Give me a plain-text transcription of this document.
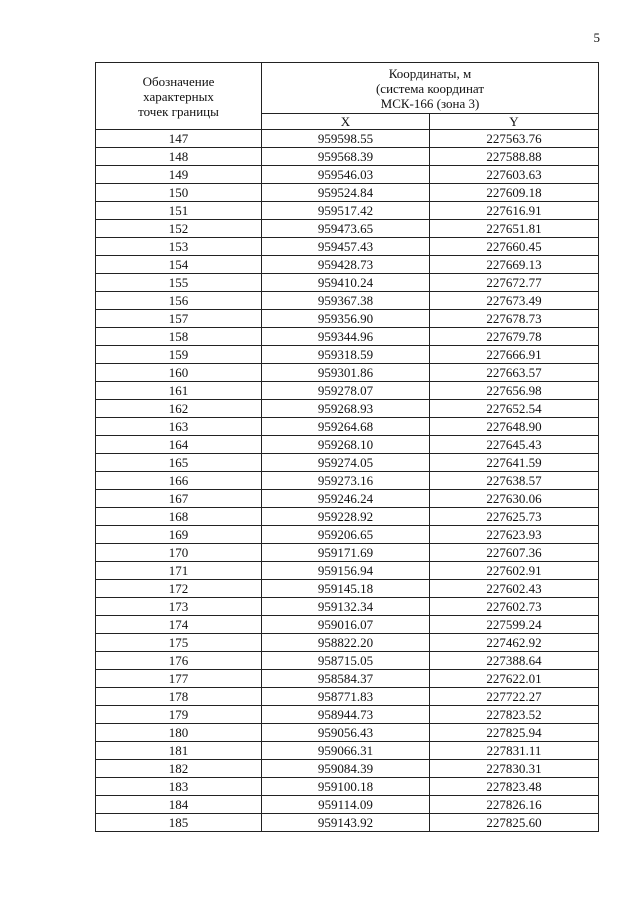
5
Обозначение
характерных
точек границы	Координаты, м
(система координат
МСК-166 (зона 3)	

	X	Y
147	959598.55	227563.76
148	959568.39	227588.88
149	959546.03	227603.63
150	959524.84	227609.18
151	959517.42	227616.91
152	959473.65	227651.81
153	959457.43	227660.45
154	959428.73	227669.13
155	959410.24	227672.77
156	959367.38	227673.49
157	959356.90	227678.73
158	959344.96	227679.78
159	959318.59	227666.91
160	959301.86	227663.57
161	959278.07	227656.98
162	959268.93	227652.54
163	959264.68	227648.90
164	959268.10	227645.43
165	959274.05	227641.59
166	959273.16	227638.57
167	959246.24	227630.06
168	959228.92	227625.73
169	959206.65	227623.93
170	959171.69	227607.36
171	959156.94	227602.91
172	959145.18	227602.43
173	959132.34	227602.73
174	959016.07	227599.24
175	958822.20	227462.92
176	958715.05	227388.64
177	958584.37	227622.01
178	958771.83	227722.27
179	958944.73	227823.52
180	959056.43	227825.94
181	959066.31	227831.11
182	959084.39	227830.31
183	959100.18	227823.48
184	959114.09	227826.16
185	959143.92	227825.60
